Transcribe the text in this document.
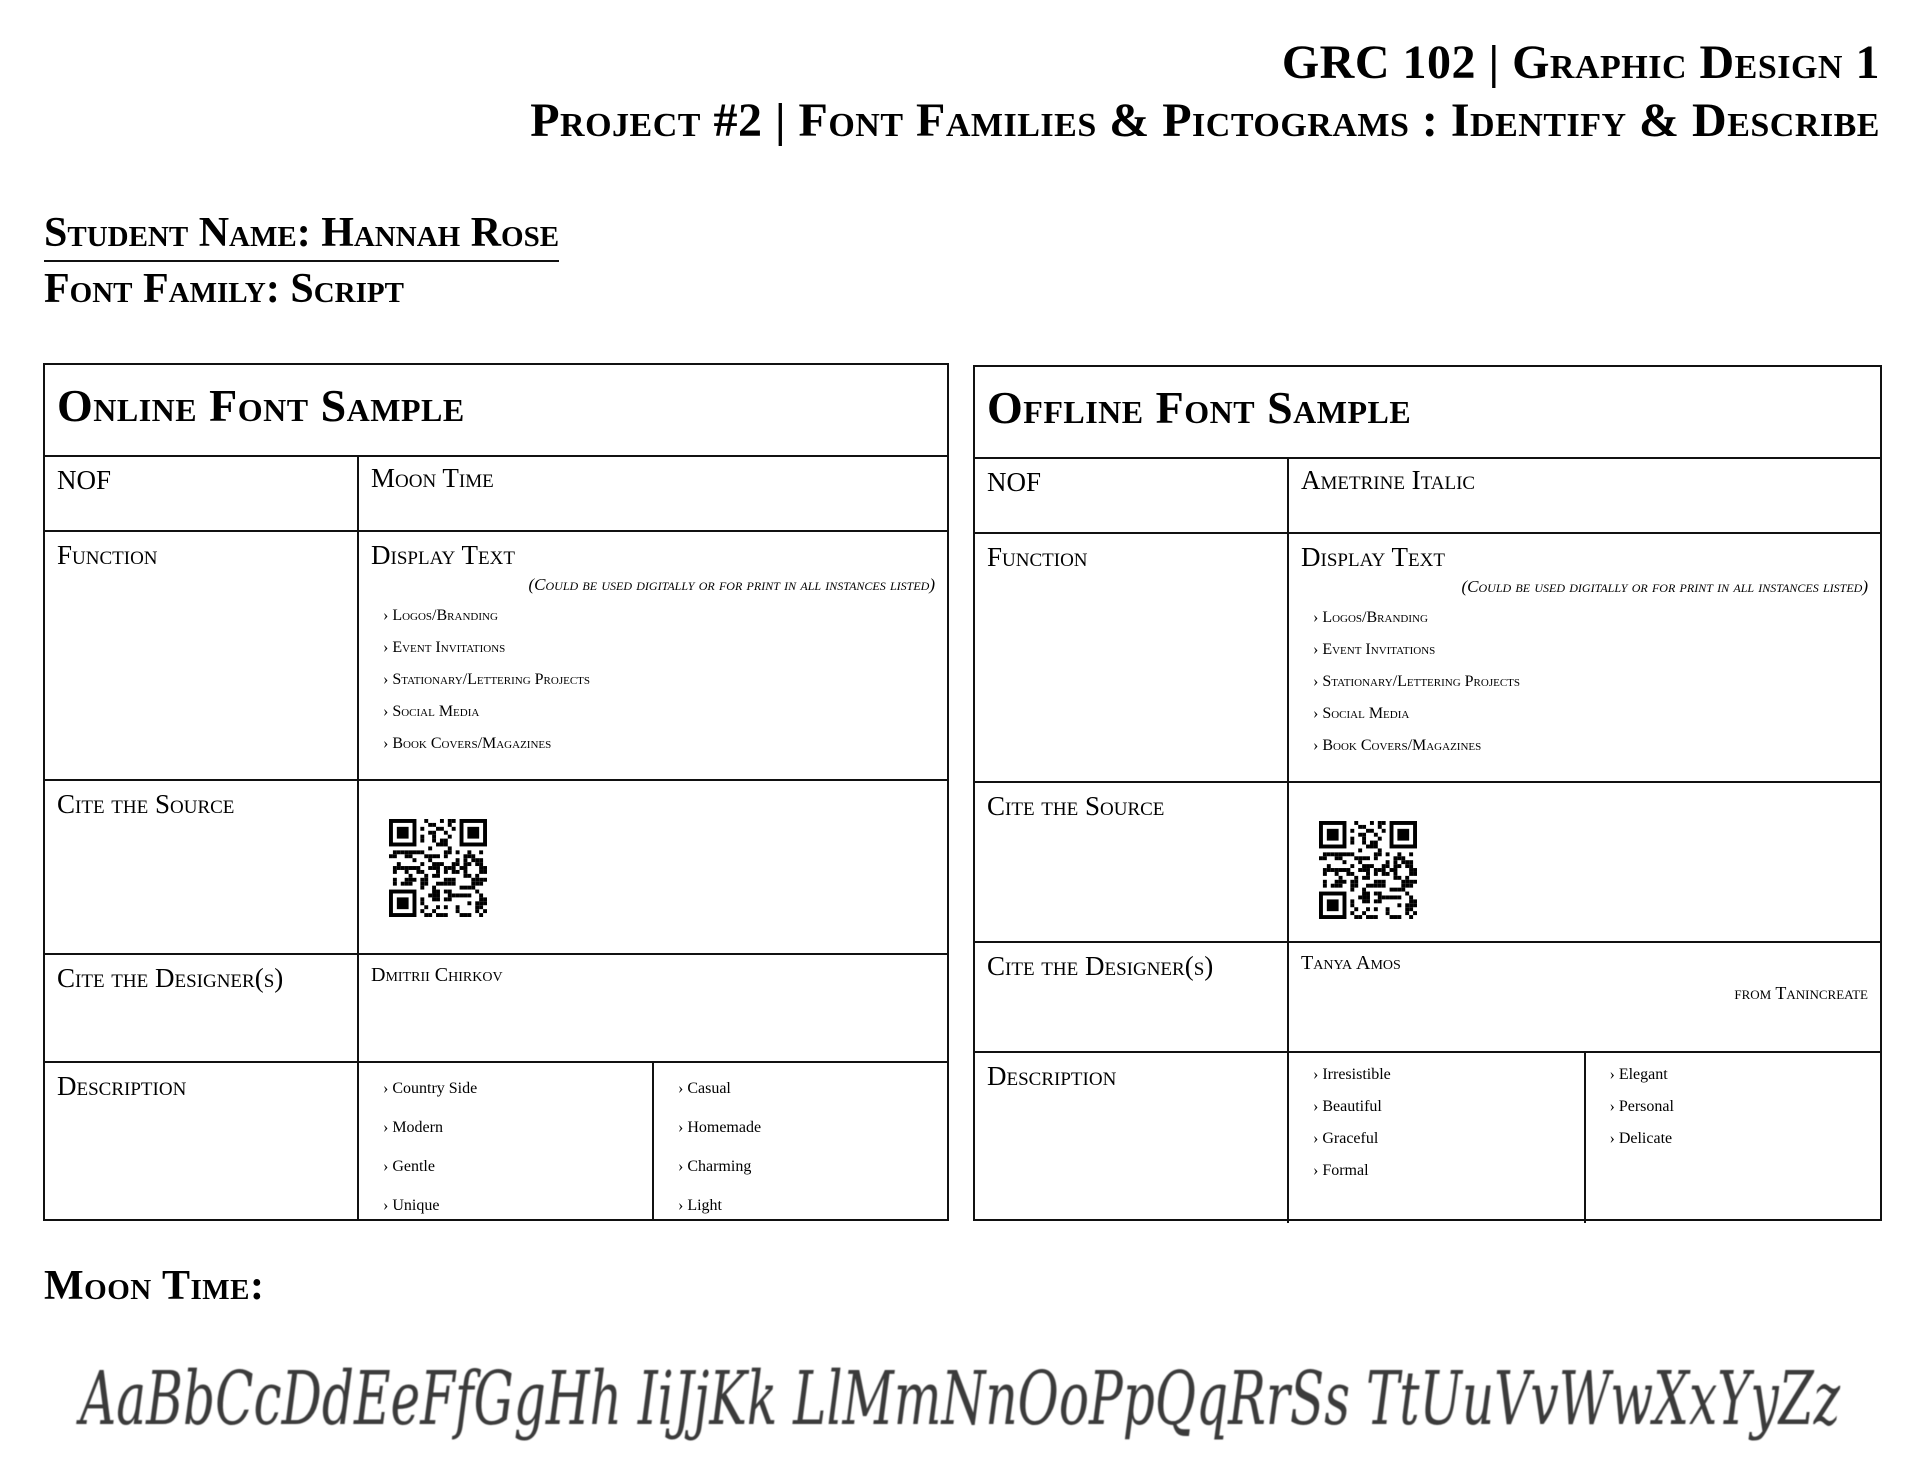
GRC 102 | Graphic Design 1
Project #2 | Font Families & Pictograms : Identify & Describe
Student Name: Hannah Rose
Font Family: Script
Online Font Sample
NOF	Moon Time
Function	Display Text
(Could be used digitally or for print in all instances listed)
› Logos/Branding
› Event Invitations
› Stationary/Lettering Projects
› Social Media
› Book Covers/Magazines
Cite the Source
Cite the Designer(s)	Dmitrii Chirkov
Description	› Country Side
› Modern
› Gentle
› Unique
› Casual
› Homemade
› Charming
› Light
Offline Font Sample
NOF	Ametrine Italic
Function	Display Text
(Could be used digitally or for print in all instances listed)
› Logos/Branding
› Event Invitations
› Stationary/Lettering Projects
› Social Media
› Book Covers/Magazines
Cite the Source
Cite the Designer(s)	Tanya Amos
from Tanincreate
Description	› Irresistible
› Beautiful
› Graceful
› Formal
› Elegant
› Personal
› Delicate
Moon Time:
AaBbCcDdEeFfGgHh IiJjKk LlMmNnOoPpQqRrSs TtUuVvWwXxYyZz
